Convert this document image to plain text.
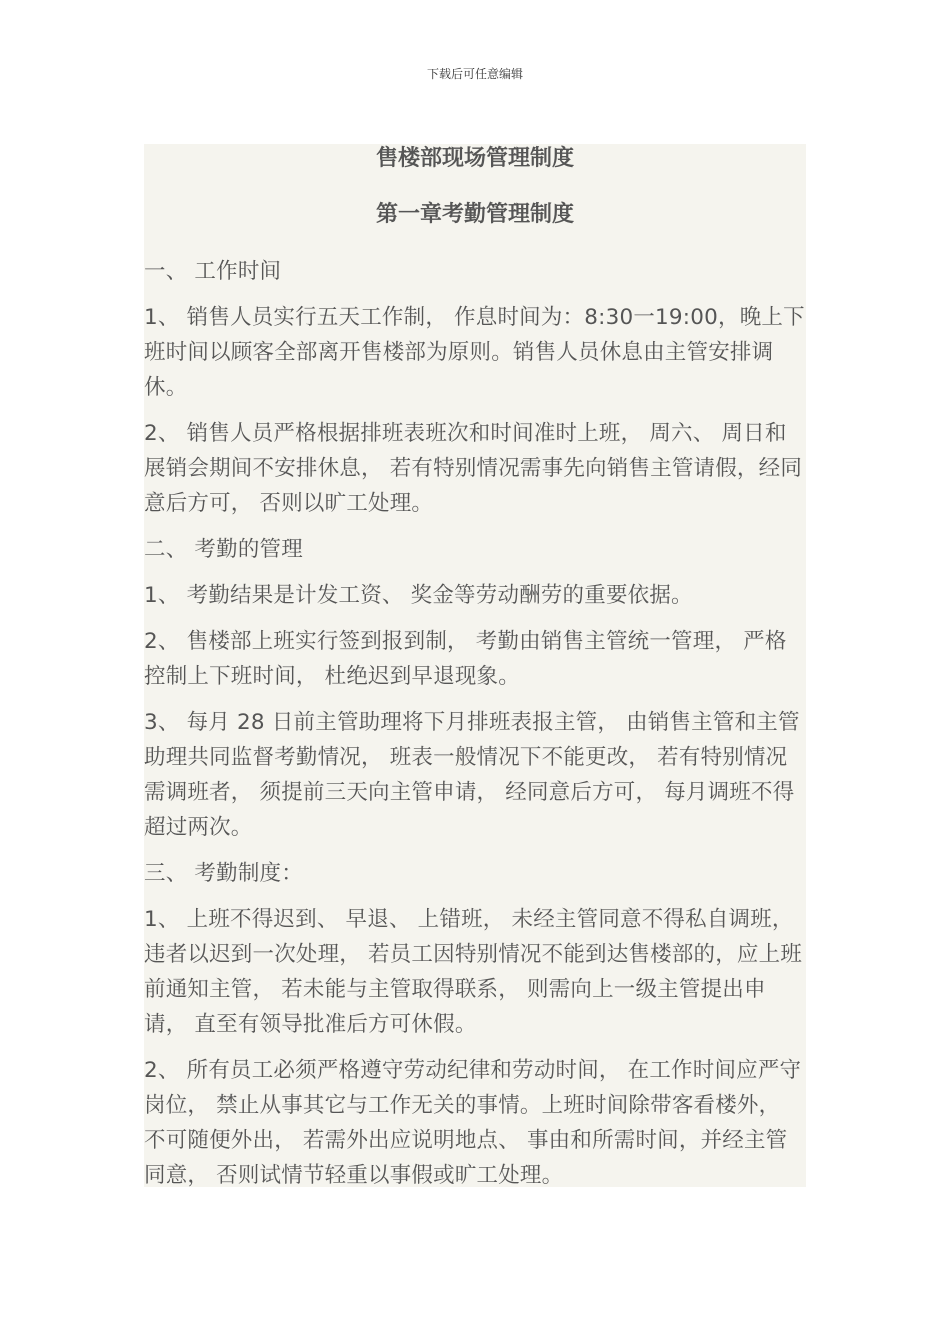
下载后可任意编辑
售楼部现场管理制度
第一章考勤管理制度

一、 工作时间

1、 销售人员实行五天工作制， 作息时间为：8:30一19:00，晚上下班时间以顾客全部离开售楼部为原则。销售人员休息由主管安排调休。

2、 销售人员严格根据排班表班次和时间准时上班， 周六、 周日和展销会期间不安排休息， 若有特别情况需事先向销售主管请假，经同意后方可， 否则以旷工处理。

二、 考勤的管理

1、 考勤结果是计发工资、 奖金等劳动酬劳的重要依据。

2、 售楼部上班实行签到报到制， 考勤由销售主管统一管理， 严格控制上下班时间， 杜绝迟到早退现象。

3、 每月 28 日前主管助理将下月排班表报主管， 由销售主管和主管助理共同监督考勤情况， 班表一般情况下不能更改， 若有特别情况需调班者， 须提前三天向主管申请， 经同意后方可， 每月调班不得超过两次。

三、 考勤制度：

1、 上班不得迟到、 早退、 上错班， 未经主管同意不得私自调班， 违者以迟到一次处理， 若员工因特别情况不能到达售楼部的，应上班前通知主管， 若未能与主管取得联系， 则需向上一级主管提出申请， 直至有领导批准后方可休假。

2、 所有员工必须严格遵守劳动纪律和劳动时间， 在工作时间应严守岗位， 禁止从事其它与工作无关的事情。上班时间除带客看楼外， 不可随便外出， 若需外出应说明地点、 事由和所需时间，并经主管同意， 否则试情节轻重以事假或旷工处理。
